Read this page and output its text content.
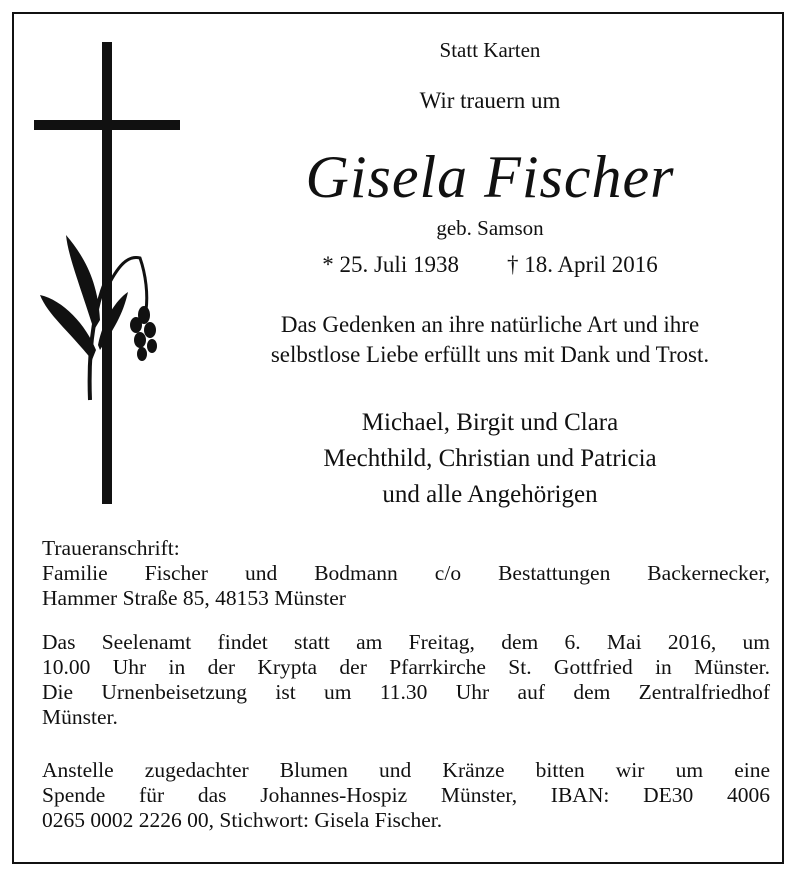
Statt Karten
Wir trauern um
Gisela Fischer
geb. Samson
* 25. Juli 1938 † 18. April 2016
Das Gedenken an ihre natürliche Art und ihre
selbstlose Liebe erfüllt uns mit Dank und Trost.
Michael, Birgit und Clara
Mechthild, Christian und Patricia
und alle Angehörigen
Traueranschrift:
Familie Fischer und Bodmann c/o Bestattungen Backernecker,
Hammer Straße 85, 48153 Münster
Das Seelenamt findet statt am Freitag, dem 6. Mai 2016, um
10.00 Uhr in der Krypta der Pfarrkirche St. Gottfried in Münster.
Die Urnenbeisetzung ist um 11.30 Uhr auf dem Zentralfriedhof
Münster.
Anstelle zugedachter Blumen und Kränze bitten wir um eine
Spende für das Johannes-Hospiz Münster, IBAN: DE30 4006
0265 0002 2226 00, Stichwort: Gisela Fischer.
